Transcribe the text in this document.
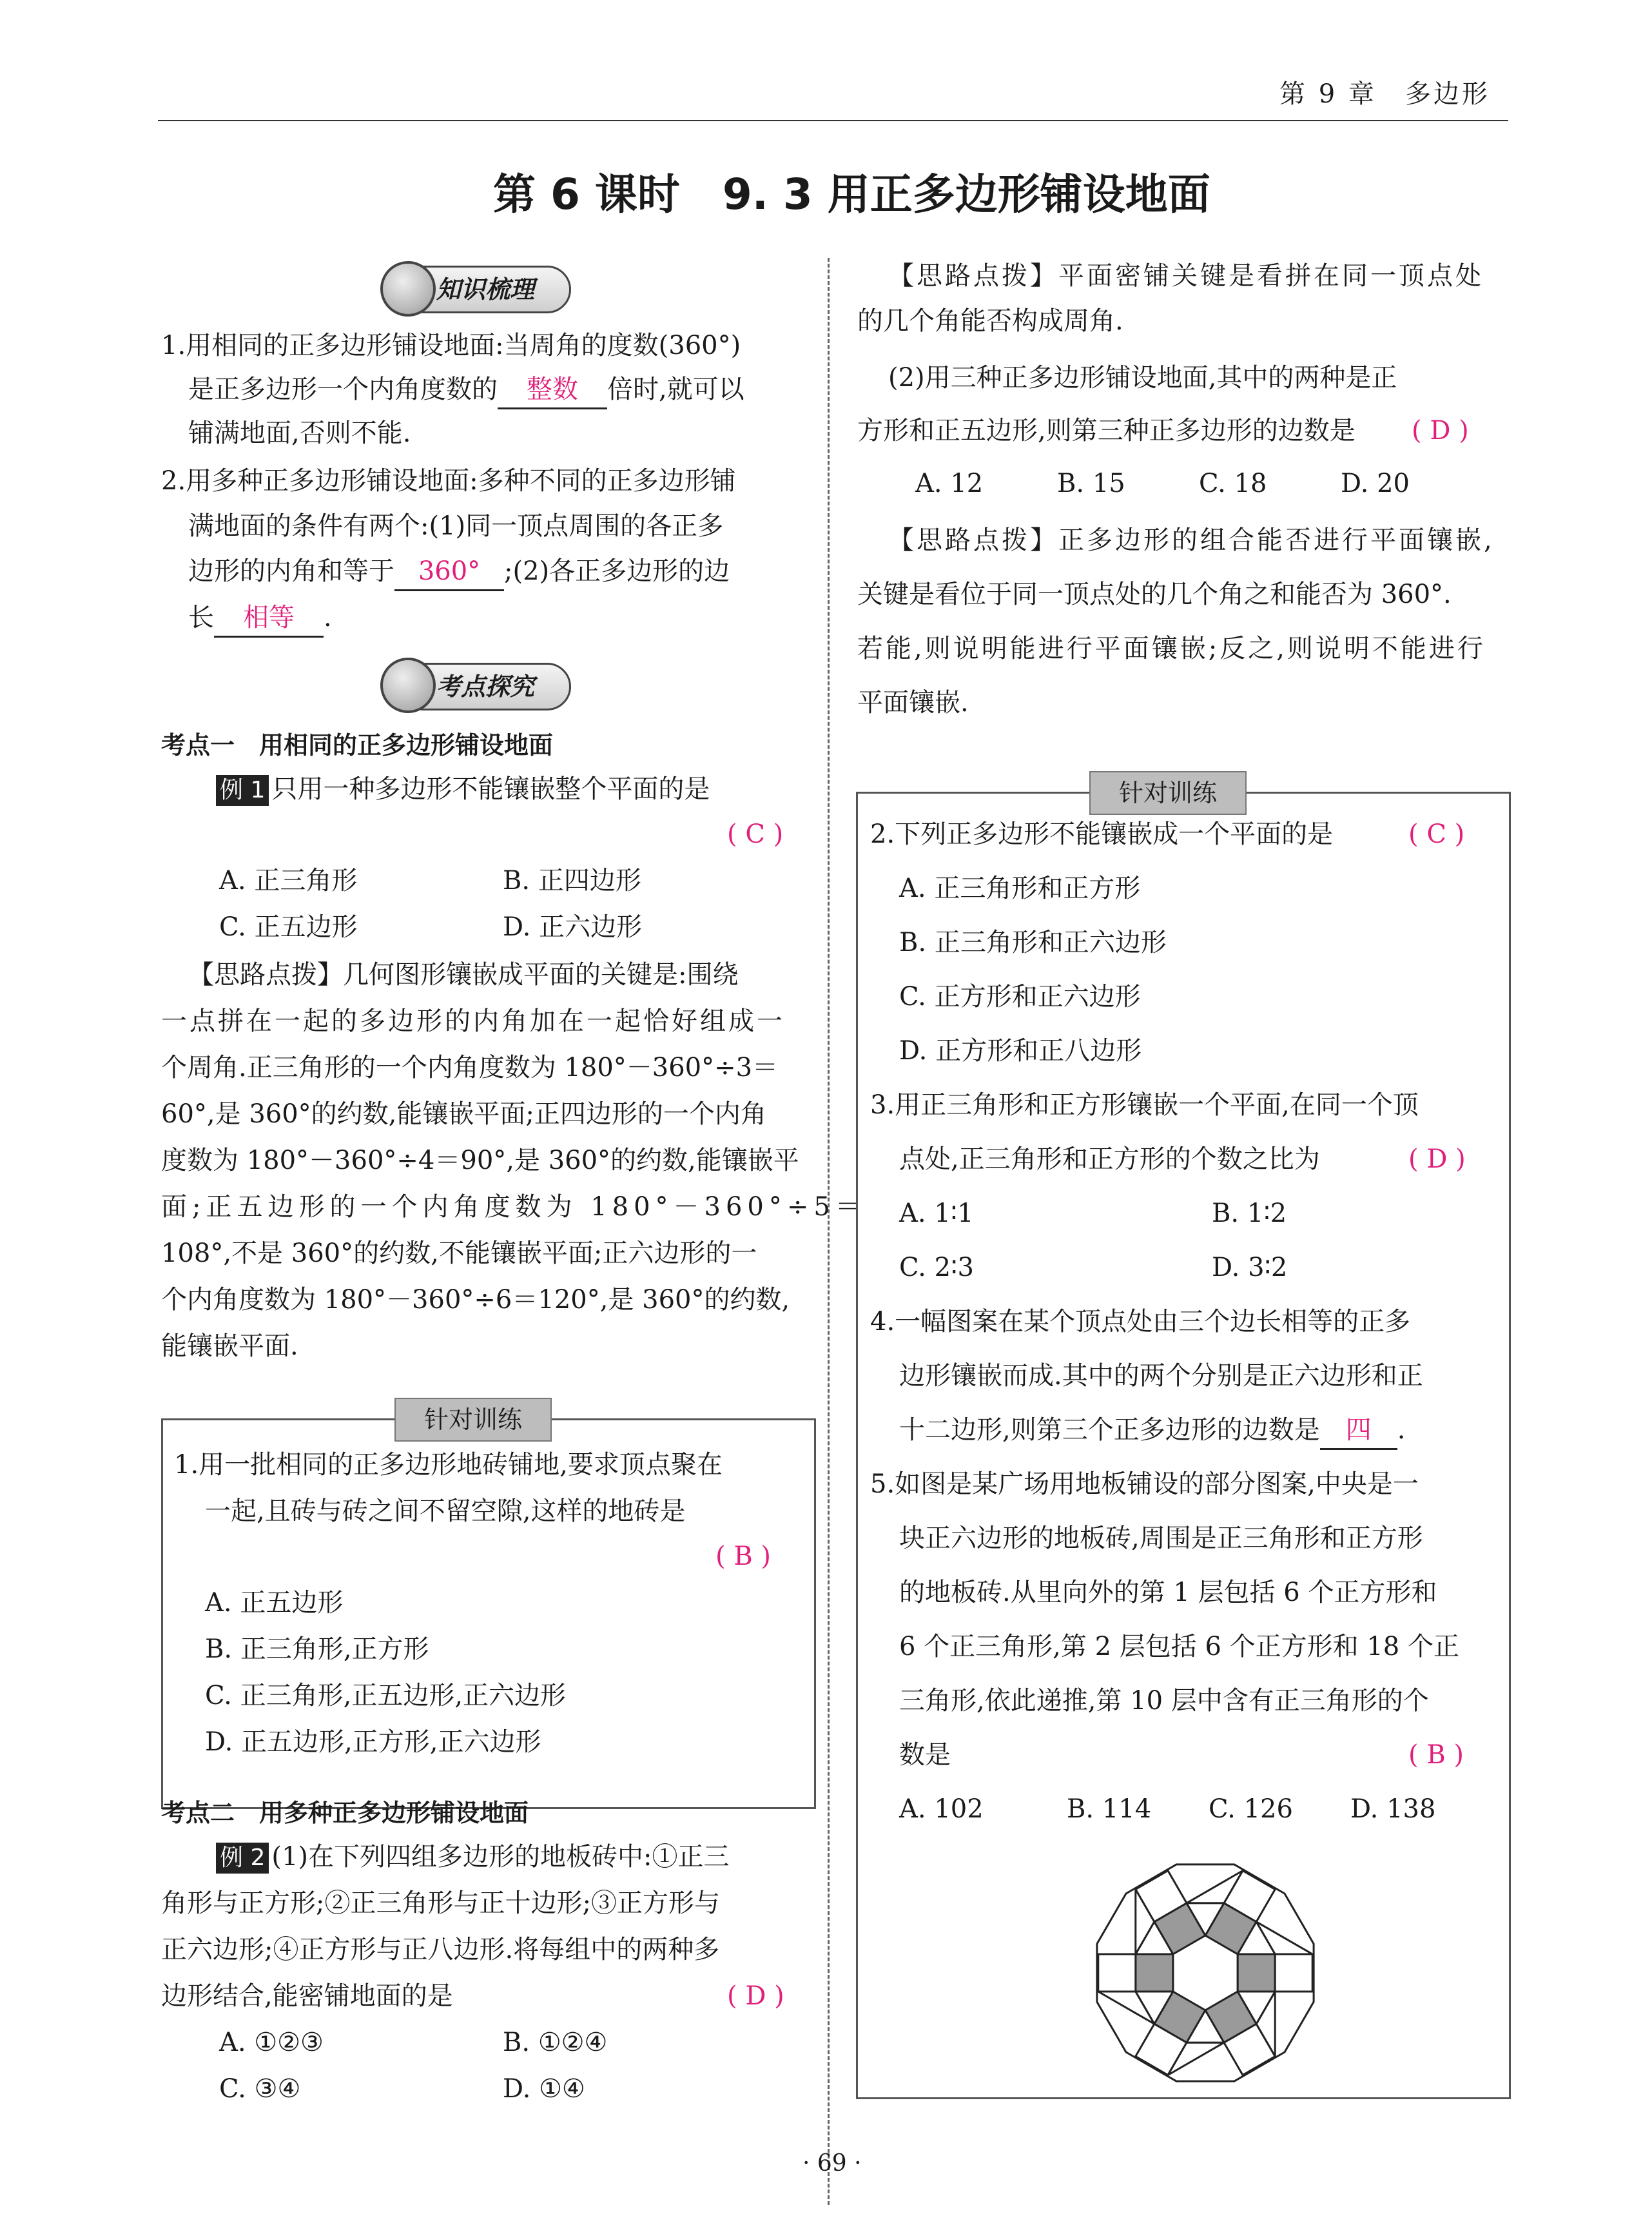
第 9 章　多边形
第 6 课时　9. 3 用正多边形铺设地面
知识梳理
1.用相同的正多边形铺设地面:当周角的度数(360°)
是正多边形一个内角度数的 整数 倍时,就可以
铺满地面,否则不能.
2.用多种正多边形铺设地面:多种不同的正多边形铺
满地面的条件有两个:(1)同一顶点周围的各正多
边形的内角和等于 360° ;(2)各正多边形的边
长 相等 .
考点探究
考点一　用相同的正多边形铺设地面
例 1 只用一种多边形不能镶嵌整个平面的是
( C )
A. 正三角形	B. 正四边形
C. 正五边形	D. 正六边形
【思路点拨】几何图形镶嵌成平面的关键是:围绕
一点拼在一起的多边形的内角加在一起恰好组成一
个周角.正三角形的一个内角度数为 180°－360°÷3＝
60°,是 360°的约数,能镶嵌平面;正四边形的一个内角
度数为 180°－360°÷4＝90°,是 360°的约数,能镶嵌平
面;正五边形的一个内角度数为 180°－360°÷5＝
108°,不是 360°的约数,不能镶嵌平面;正六边形的一
个内角度数为 180°－360°÷6＝120°,是 360°的约数,
能镶嵌平面.
针对训练
1.用一批相同的正多边形地砖铺地,要求顶点聚在
一起,且砖与砖之间不留空隙,这样的地砖是
( B )
A. 正五边形
B. 正三角形,正方形
C. 正三角形,正五边形,正六边形
D. 正五边形,正方形,正六边形
考点二　用多种正多边形铺设地面
例 2 (1)在下列四组多边形的地板砖中:①正三
角形与正方形;②正三角形与正十边形;③正方形与
正六边形;④正方形与正八边形.将每组中的两种多
边形结合,能密铺地面的是	( D )
A. ①②③	B. ①②④
C. ③④	D. ①④
【思路点拨】平面密铺关键是看拼在同一顶点处
的几个角能否构成周角.
(2)用三种正多边形铺设地面,其中的两种是正
方形和正五边形,则第三种正多边形的边数是 ( D )
A. 12	B. 15	C. 18	D. 20
【思路点拨】正多边形的组合能否进行平面镶嵌,
关键是看位于同一顶点处的几个角之和能否为 360°.
若能,则说明能进行平面镶嵌;反之,则说明不能进行
平面镶嵌.
针对训练
2.下列正多边形不能镶嵌成一个平面的是	( C )
A. 正三角形和正方形
B. 正三角形和正六边形
C. 正方形和正六边形
D. 正方形和正八边形
3.用正三角形和正方形镶嵌一个平面,在同一个顶
点处,正三角形和正方形的个数之比为	( D )
A. 1∶1	B. 1∶2
C. 2∶3	D. 3∶2
4.一幅图案在某个顶点处由三个边长相等的正多
边形镶嵌而成.其中的两个分别是正六边形和正
十二边形,则第三个正多边形的边数是 四 .
5.如图是某广场用地板铺设的部分图案,中央是一
块正六边形的地板砖,周围是正三角形和正方形
的地板砖.从里向外的第 1 层包括 6 个正方形和
6 个正三角形,第 2 层包括 6 个正方形和 18 个正
三角形,依此递推,第 10 层中含有正三角形的个
数是	( B )
A. 102	B. 114 C. 126 D. 138
· 69 ·
